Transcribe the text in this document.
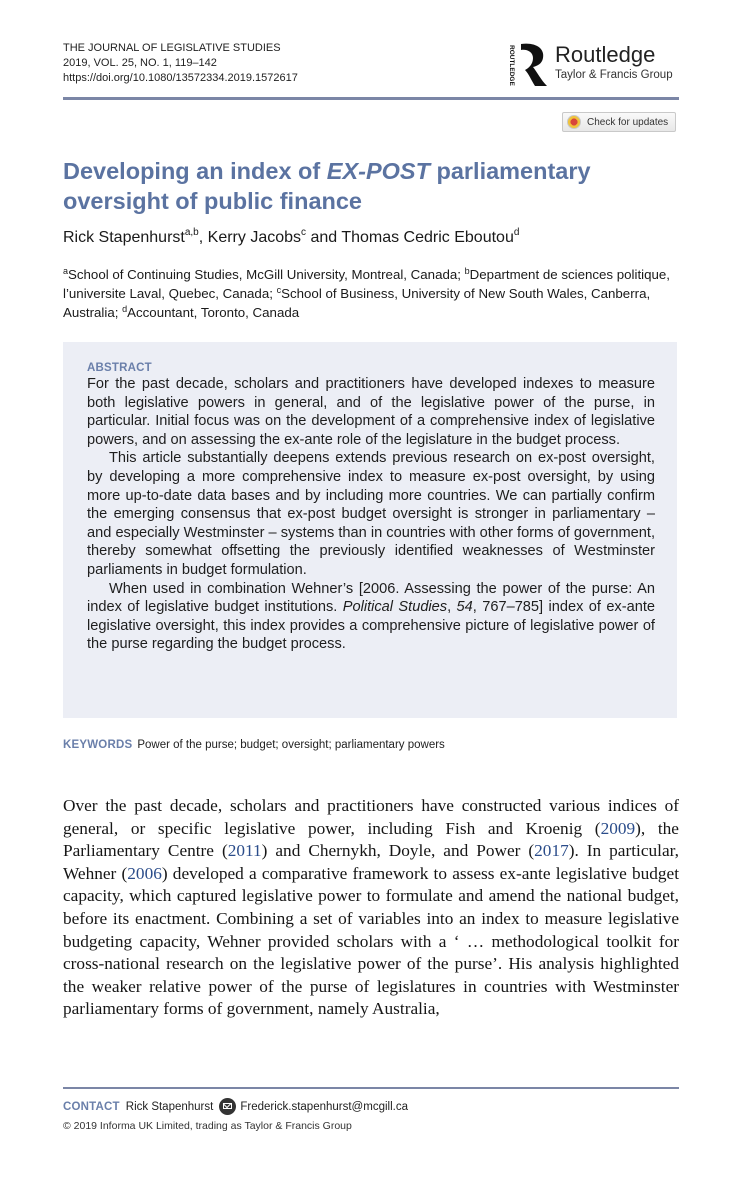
THE JOURNAL OF LEGISLATIVE STUDIES
2019, VOL. 25, NO. 1, 119–142
https://doi.org/10.1080/13572334.2019.1572617	ROUTLEDGE Routledge
Taylor & Francis Group
Check for updates
Developing an index of EX-POST parliamentary oversight of public finance
Rick Stapenhurst$^{a,b}$, Kerry Jacobs$^c$ and Thomas Cedric Eboutou$^d$
$^a$School of Continuing Studies, McGill University, Montreal, Canada; $^b$Department de sciences politique, l’universite Laval, Quebec, Canada; $^c$School of Business, University of New South Wales, Canberra, Australia; $^d$Accountant, Toronto, Canada
ABSTRACT

For the past decade, scholars and practitioners have developed indexes to measure both legislative powers in general, and of the legislative power of the purse, in particular. Initial focus was on the development of a comprehensive index of legislative powers, and on assessing the ex-ante role of the legislature in the budget process.

This article substantially deepens extends previous research on ex-post oversight, by developing a more comprehensive index to measure ex-post oversight, by using more up-to-date data bases and by including more countries. We can partially confirm the emerging consensus that ex-post budget oversight is stronger in parliamentary – and especially Westminster – systems than in countries with other forms of government, thereby somewhat offsetting the previously identified weaknesses of Westminster parliaments in budget formulation.

When used in combination Wehner’s [2006. Assessing the power of the purse: An index of legislative budget institutions. Political Studies, 54, 767–785] index of ex-ante legislative oversight, this index provides a comprehensive picture of legislative power of the purse regarding the budget process.

KEYWORDS Power of the purse; budget; oversight; parliamentary powers

Over the past decade, scholars and practitioners have constructed various indices of general, or specific legislative power, including Fish and Kroenig (2009), the Parliamentary Centre (2011) and Chernykh, Doyle, and Power (2017). In particular, Wehner (2006) developed a comparative framework to assess ex-ante legislative budget capacity, which captured legislative power to formulate and amend the national budget, before its enactment. Combining a set of variables into an index to measure legislative budgeting capacity, Wehner provided scholars with a ‘ … methodological toolkit for cross-national research on the legislative power of the purse’. His analysis highlighted the weaker relative power of the purse of legislatures in countries with Westminster parliamentary forms of government, namely Australia,

CONTACT Rick Stapenhurst Frederick.stapenhurst@mcgill.ca
© 2019 Informa UK Limited, trading as Taylor & Francis Group
